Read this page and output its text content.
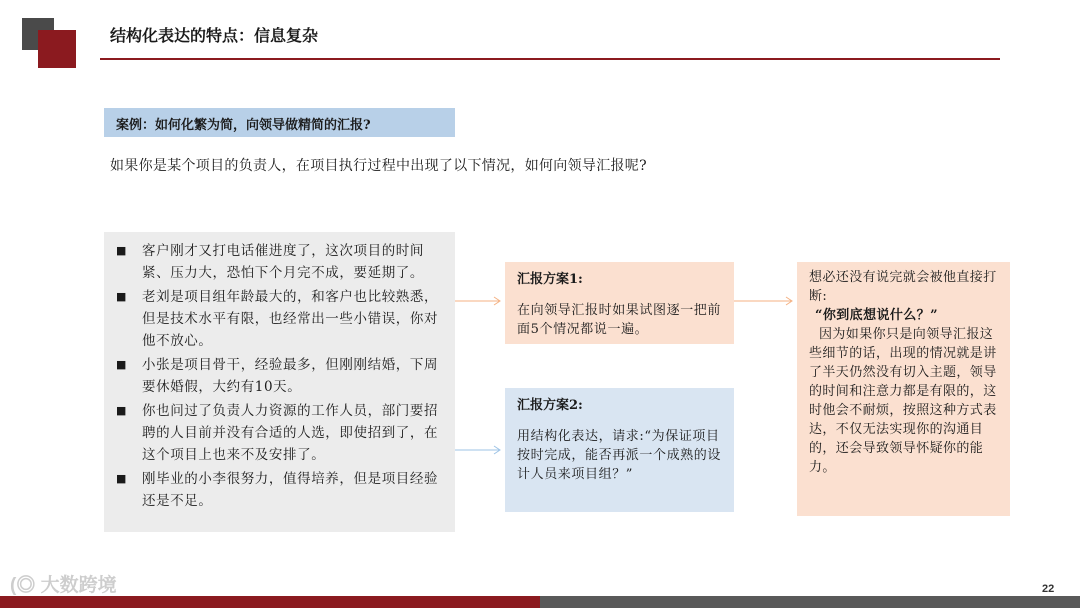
结构化表达的特点：信息复杂
案例：如何化繁为简，向领导做精简的汇报?
如果你是某个项目的负责人，在项目执行过程中出现了以下情况，如何向领导汇报呢?
■	客户刚才又打电话催进度了，这次项目的时间紧、压力大，恐怕下个月完不成，要延期了。
■	老刘是项目组年龄最大的，和客户也比较熟悉，但是技术水平有限，也经常出一些小错误，你对他不放心。
■	小张是项目骨干，经验最多，但刚刚结婚，下周要休婚假，大约有10天。
■	你也问过了负责人力资源的工作人员，部门要招聘的人目前并没有合适的人选，即使招到了，在这个项目上也来不及安排了。
■	刚毕业的小李很努力，值得培养，但是项目经验还是不足。
汇报方案1:
在向领导汇报时如果试图逐一把前面5个情况都说一遍。
汇报方案2:
用结构化表达，请求:“为保证项目按时完成，能否再派一个成熟的设计人员来项目组？”
想必还没有说完就会被他直接打断:
“你到底想说什么？”
因为如果你只是向领导汇报这些细节的话，出现的情况就是讲了半天仍然没有切入主题，领导的时间和注意力都是有限的，这时他会不耐烦，按照这种方式表达，不仅无法实现你的沟通目的，还会导致领导怀疑你的能力。
(◎ 大数跨境	22
